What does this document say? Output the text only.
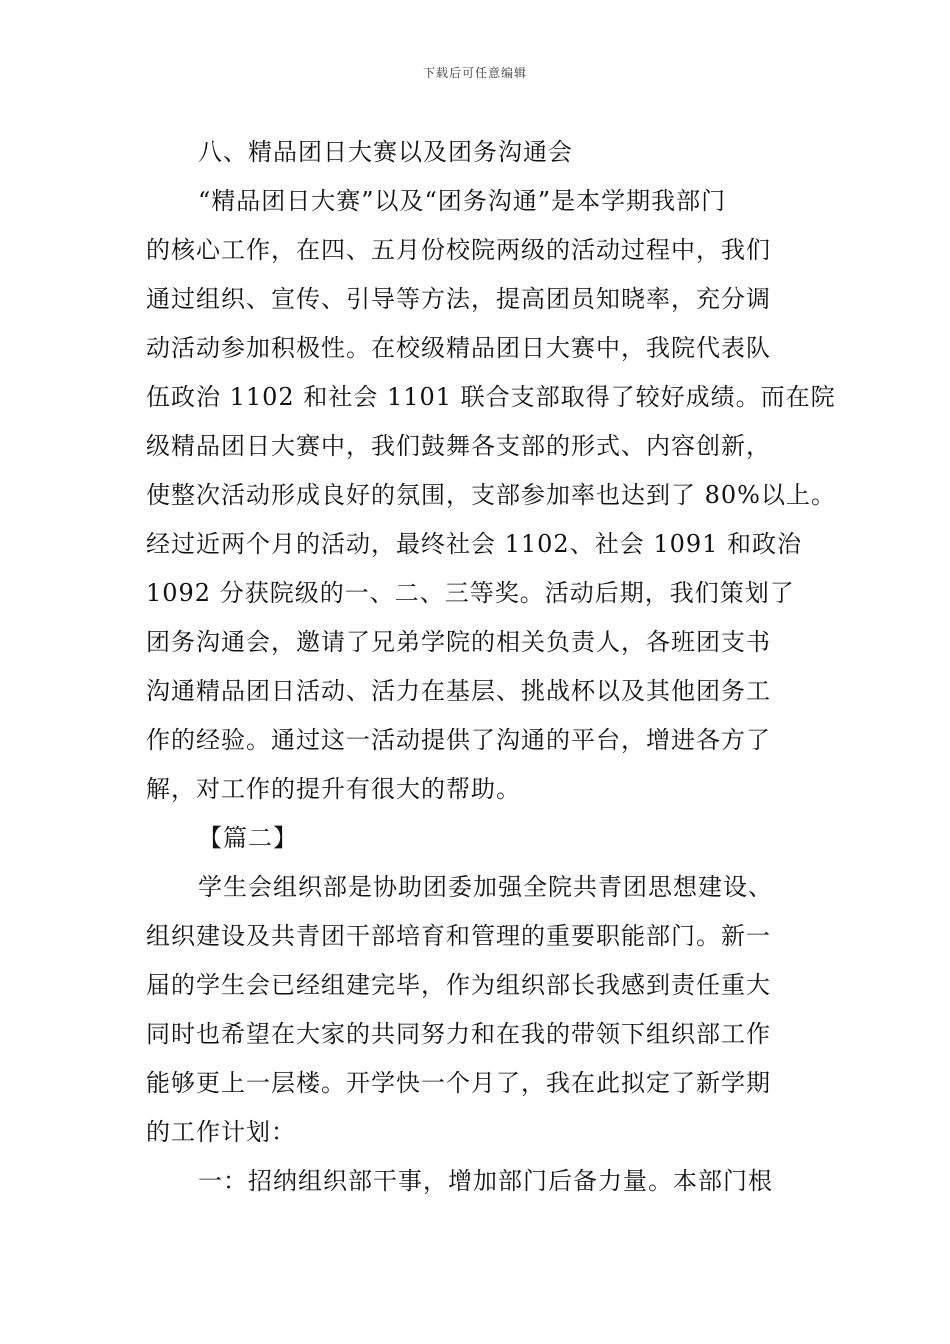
下载后可任意编辑
八、精品团日大赛以及团务沟通会
“精品团日大赛”以及“团务沟通”是本学期我部门
的核心工作，在四、五月份校院两级的活动过程中，我们
通过组织、宣传、引导等方法，提高团员知晓率，充分调
动活动参加积极性。在校级精品团日大赛中，我院代表队
伍政治 1102 和社会 1101 联合支部取得了较好成绩。而在院
级精品团日大赛中，我们鼓舞各支部的形式、内容创新，
使整次活动形成良好的氛围，支部参加率也达到了 80%以上。
经过近两个月的活动，最终社会 1102、社会 1091 和政治
1092 分获院级的一、二、三等奖。活动后期，我们策划了
团务沟通会，邀请了兄弟学院的相关负责人，各班团支书
沟通精品团日活动、活力在基层、挑战杯以及其他团务工
作的经验。通过这一活动提供了沟通的平台，增进各方了
解，对工作的提升有很大的帮助。
【篇二】
学生会组织部是协助团委加强全院共青团思想建设、
组织建设及共青团干部培育和管理的重要职能部门。新一
届的学生会已经组建完毕，作为组织部长我感到责任重大
同时也希望在大家的共同努力和在我的带领下组织部工作
能够更上一层楼。开学快一个月了，我在此拟定了新学期
的工作计划：
一：招纳组织部干事，增加部门后备力量。本部门根
